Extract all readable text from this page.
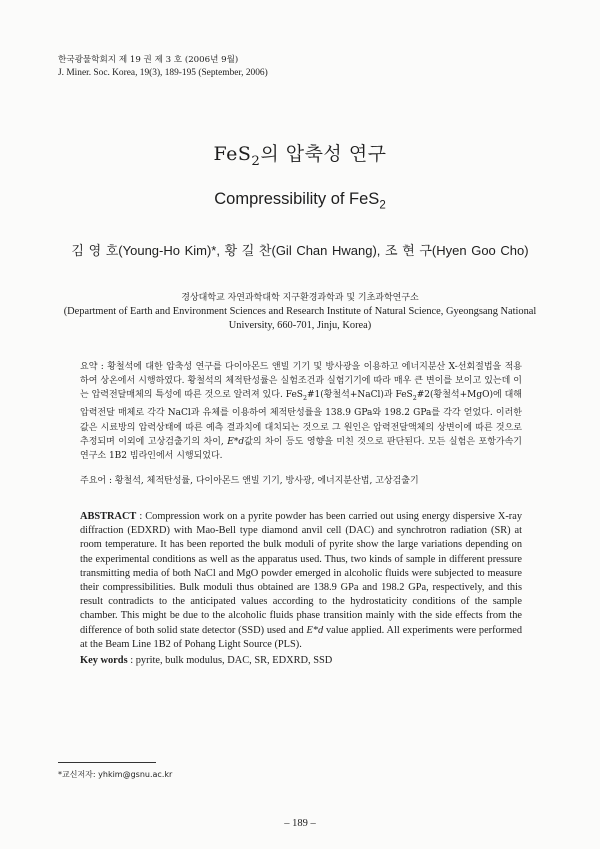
한국광물학회지 제 19 권 제 3 호 (2006년 9월)
J. Miner. Soc. Korea, 19(3), 189-195 (September, 2006)
FeS$_2$의 압축성 연구
Compressibility of FeS$_2$
김 영 호(Young-Ho Kim)*, 황 길 찬(Gil Chan Hwang), 조 현 구(Hyen Goo Cho)
경상대학교 자연과학대학 지구환경과학과 및 기초과학연구소
(Department of Earth and Environment Sciences and Research Institute of Natural Science, Gyeongsang National University, 660-701, Jinju, Korea)

요약 : 황철석에 대한 압축성 연구를 다이아몬드 앤빌 기기 및 방사광을 이용하고 에너지분산 X-선회절법을 적용하여 상온에서 시행하였다. 황철석의 체적탄성률은 실험조건과 실험기기에 따라 매우 큰 변이를 보이고 있는데 이는 압력전달매체의 특성에 따른 것으로 알려져 있다. FeS$_2$#1(황철석+NaCl)과 FeS$_2$#2(황철석+MgO)에 대해 압력전달 매체로 각각 NaCl과 유체를 이용하여 체적탄성률을 138.9 GPa와 198.2 GPa를 각각 얻었다. 이러한 값은 시료방의 압력상태에 따른 예측 결과치에 대치되는 것으로 그 원인은 압력전달액체의 상변이에 따른 것으로 추정되며 이외에 고상검출기의 차이, E*d값의 차이 등도 영향을 미친 것으로 판단된다. 모든 실험은 포항가속기연구소 1B2 빔라인에서 시행되었다.

주요어 : 황철석, 체적탄성률, 다이아몬드 앤빌 기기, 방사광, 에너지분산법, 고상검출기

ABSTRACT : Compression work on a pyrite powder has been carried out using energy dispersive X-ray diffraction (EDXRD) with Mao-Bell type diamond anvil cell (DAC) and synchrotron radiation (SR) at room temperature. It has been reported the bulk moduli of pyrite show the large variations depending on the experimental conditions as well as the apparatus used. Thus, two kinds of sample in different pressure transmitting media of both NaCl and MgO powder emerged in alcoholic fluids were subjected to measure their compressibilities. Bulk moduli thus obtained are 138.9 GPa and 198.2 GPa, respectively, and this result contradicts to the anticipated values according to the hydrostaticity conditions of the sample chamber. This might be due to the alcoholic fluids phase transition mainly with the side effects from the difference of both solid state detector (SSD) used and E*d value applied. All experiments were performed at the Beam Line 1B2 of Pohang Light Source (PLS).

Key words : pyrite, bulk modulus, DAC, SR, EDXRD, SSD

*교신저자: yhkim@gsnu.ac.kr
– 189 –
